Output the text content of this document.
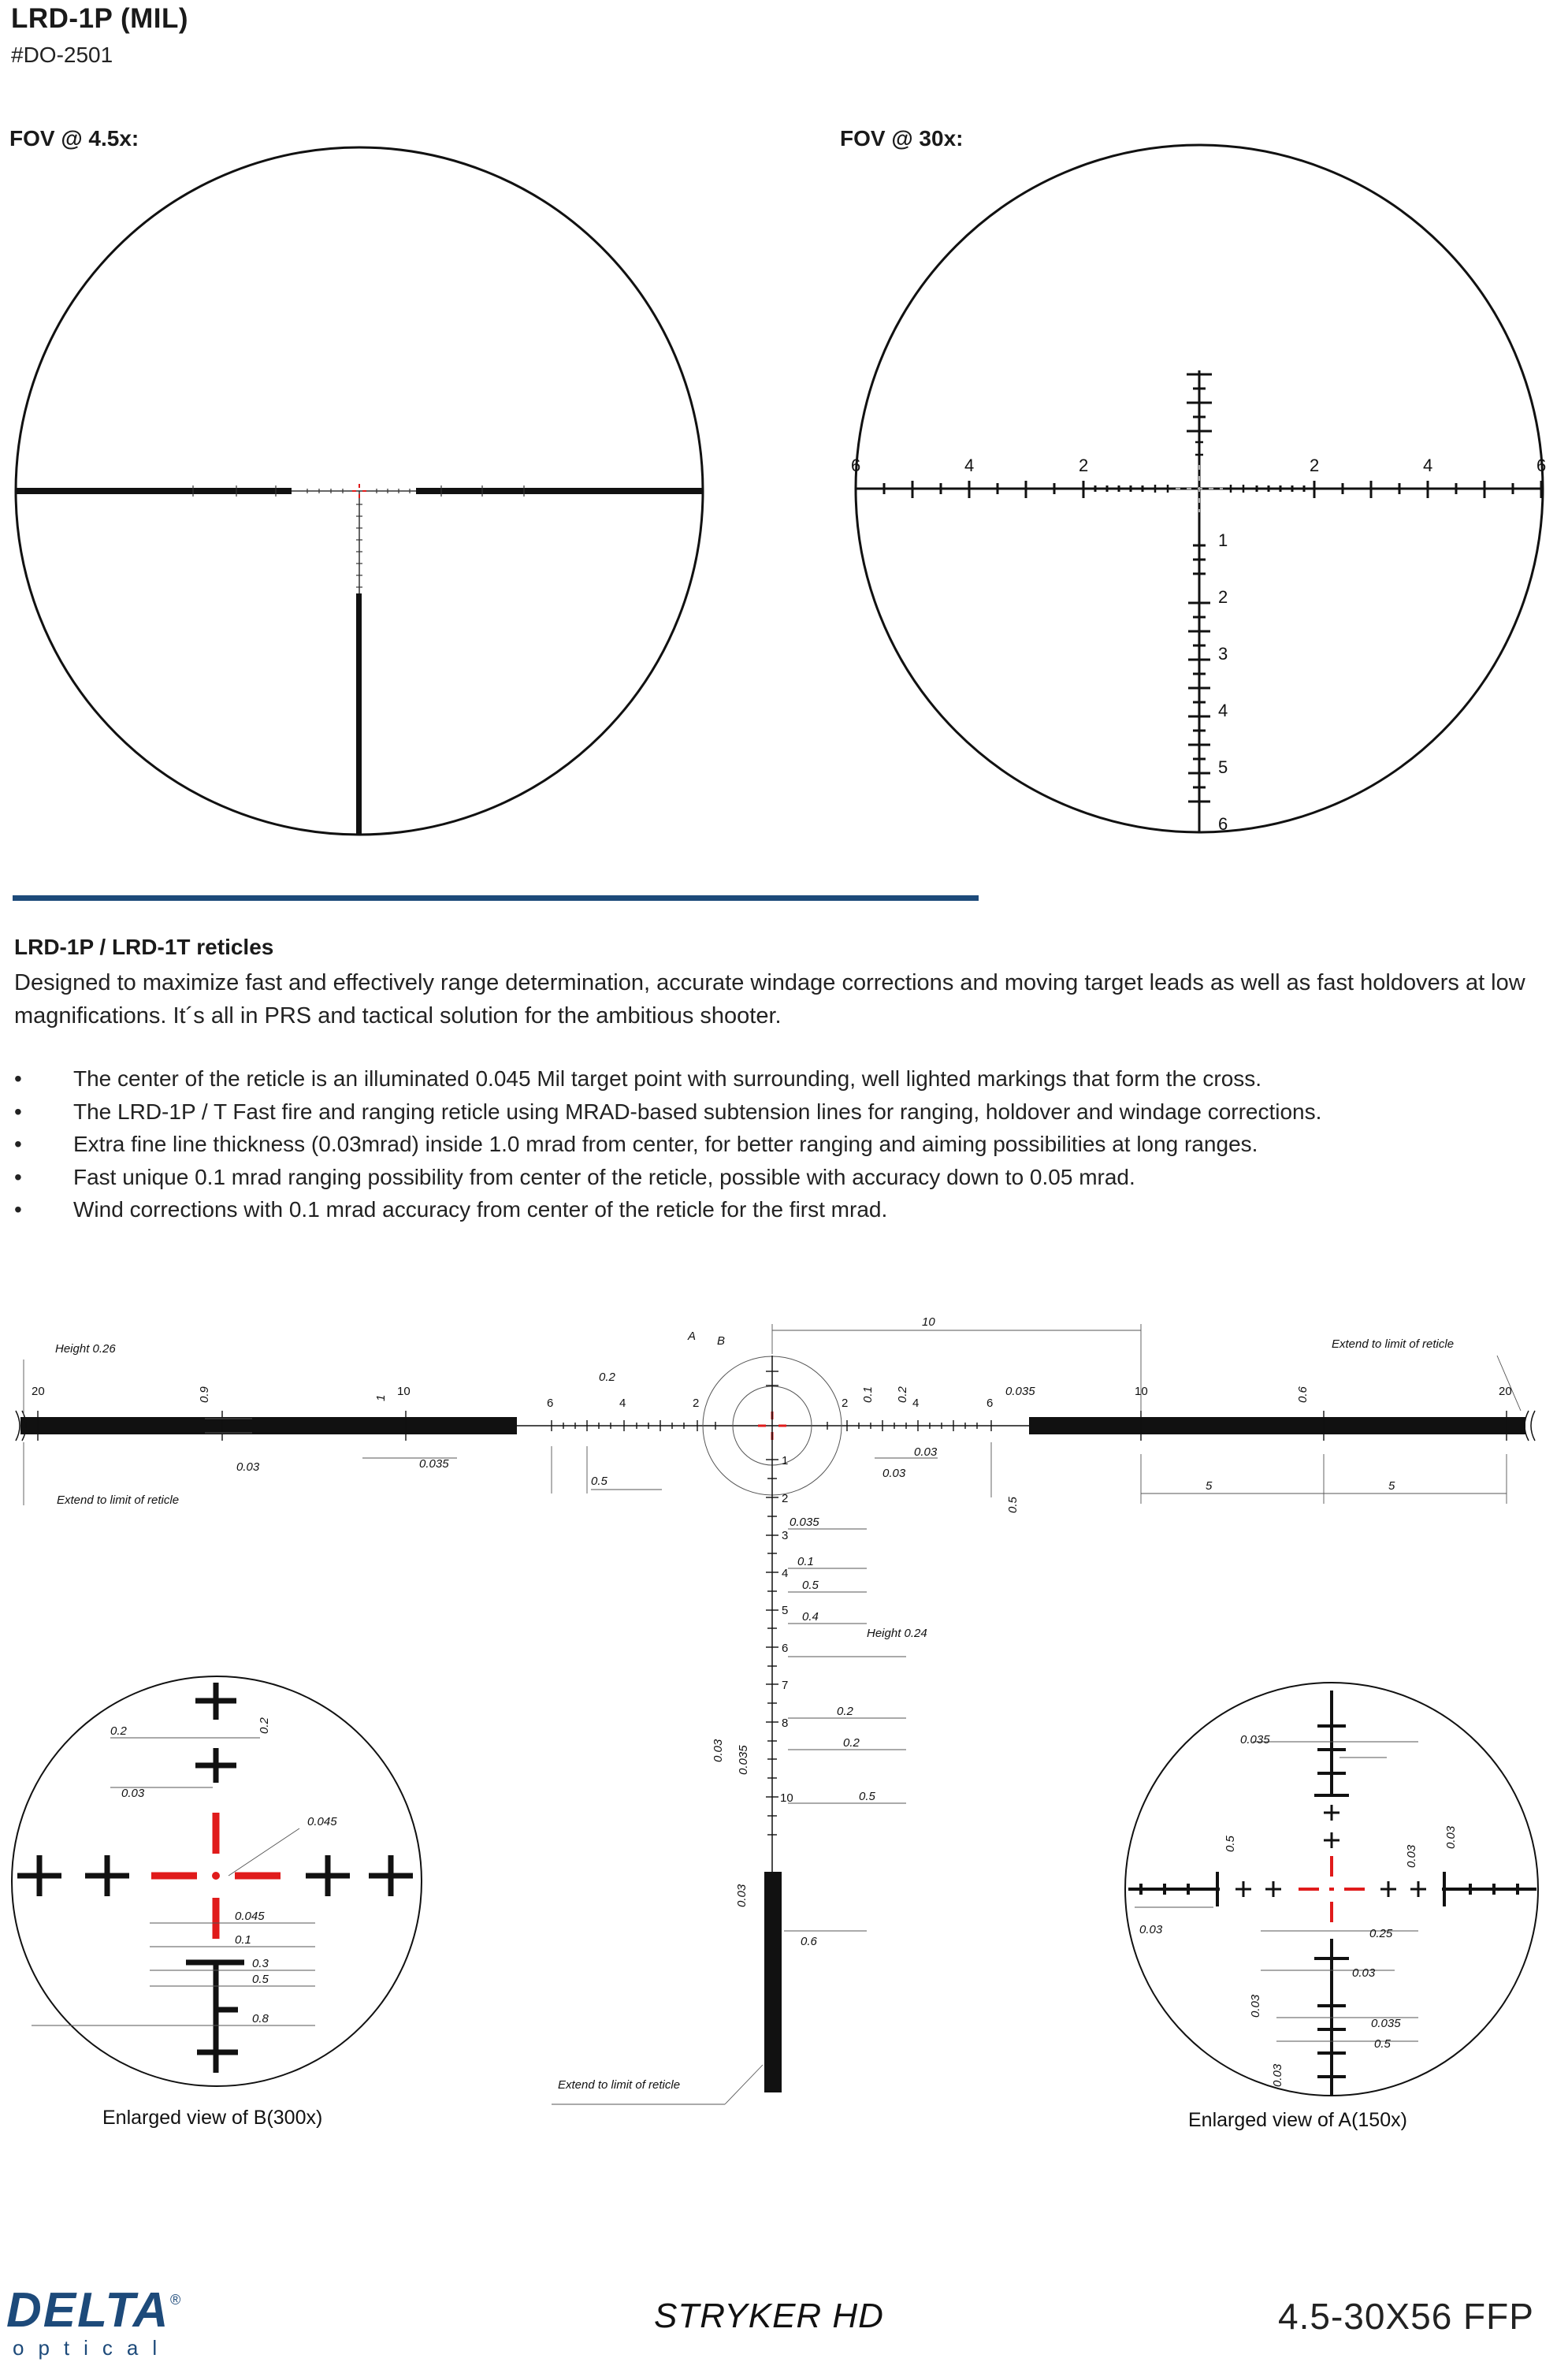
LRD-1P (MIL)
#DO-2501
FOV @ 4.5x:	FOV @ 30x:
6	4	2	2	4	6
1
2
3
4
5
6
LRD-1P / LRD-1T reticles
Designed to maximize fast and effectively range determination, accurate windage corrections and moving target leads as well as fast holdovers at low magnifications. It´s all in PRS and tactical solution for the ambitious shooter.
• The center of the reticle is an illuminated 0.045 Mil target point with surrounding, well lighted markings that form the cross.
• The LRD-1P / T Fast fire and ranging reticle using MRAD-based subtension lines for ranging, holdover and windage corrections.
• Extra fine line thickness (0.03mrad) inside 1.0 mrad from center, for better ranging and aiming possibilities at long ranges.
• Fast unique 0.1 mrad ranging possibility from center of the reticle, possible with accuracy down to 0.05 mrad.
• Wind corrections with 0.1 mrad accuracy from center of the reticle for the first mrad.
10
A B
Height 0.26	Extend to limit of reticle
Extend to limit of reticle
Extend to limit of reticle
Height 0.24
20	10
6	4	2	2	4	6
10	20
1
2
3
4
5
6
7
8
10
0.9	1
0.03	0.035
0.2
0.5
0.1 0.2
0.03
0.03
0.035
0.5
0.6
5	5
0.035
0.1
0.5
0.4
0.2
0.2
0.5
0.03 0.035
0.03
0.6
0.2	0.2
0.03
0.045
0.045
0.1
0.3
0.5
0.8
Enlarged view of B(300x)
0.035
0.5
0.03
0.03
0.03
0.25
0.03
0.03
0.035
0.5
0.03
Enlarged view of A(150x)
DELTA ®
optical
STRYKER HD	4.5-30X56 FFP
